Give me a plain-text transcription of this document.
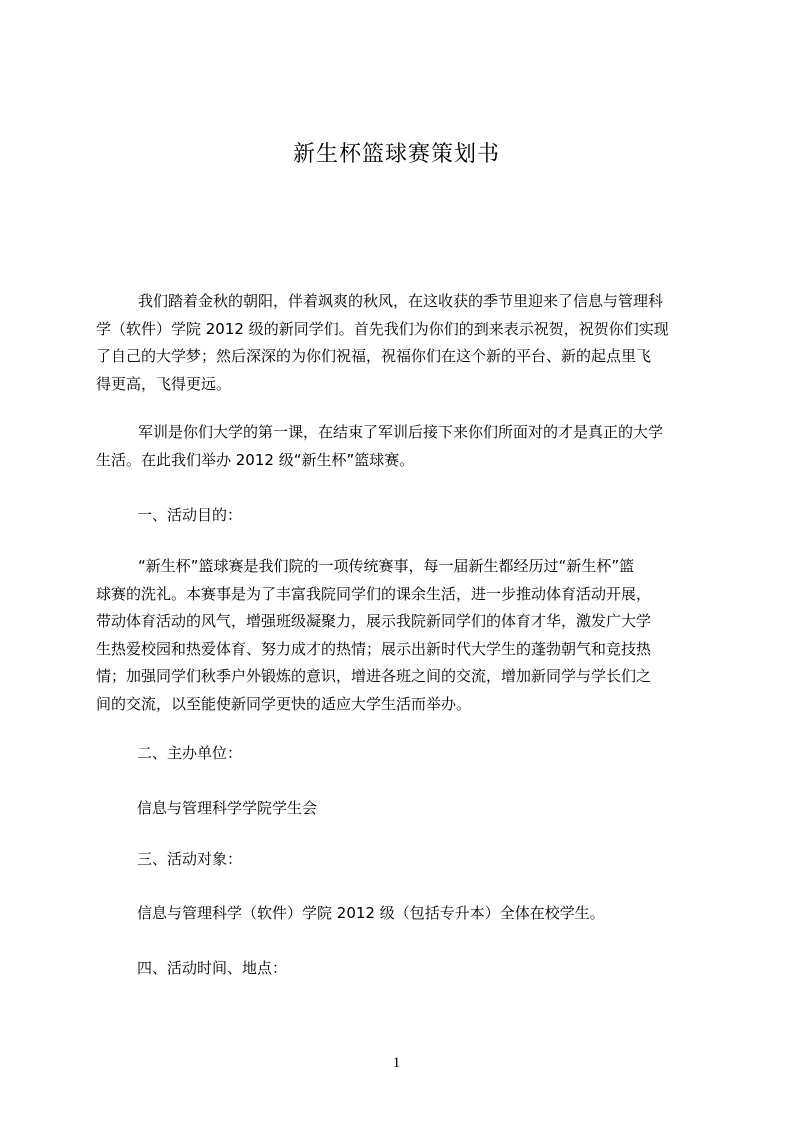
新生杯篮球赛策划书
我们踏着金秋的朝阳，伴着飒爽的秋风，在这收获的季节里迎来了信息与管理科
学（软件）学院 2012 级的新同学们。首先我们为你们的到来表示祝贺，祝贺你们实现
了自己的大学梦；然后深深的为你们祝福，祝福你们在这个新的平台、新的起点里飞
得更高，飞得更远。
军训是你们大学的第一课，在结束了军训后接下来你们所面对的才是真正的大学
生活。在此我们举办 2012 级“新生杯”篮球赛。

一、活动目的：

“新生杯”篮球赛是我们院的一项传统赛事，每一届新生都经历过“新生杯”篮
球赛的洗礼。本赛事是为了丰富我院同学们的课余生活，进一步推动体育活动开展，
带动体育活动的风气，增强班级凝聚力，展示我院新同学们的体育才华，激发广大学
生热爱校园和热爱体育、努力成才的热情；展示出新时代大学生的蓬勃朝气和竞技热
情；加强同学们秋季户外锻炼的意识，增进各班之间的交流，增加新同学与学长们之
间的交流，以至能使新同学更快的适应大学生活而举办。

二、主办单位：

信息与管理科学学院学生会

三、活动对象：

信息与管理科学（软件）学院 2012 级（包括专升本）全体在校学生。

四、活动时间、地点：

1
